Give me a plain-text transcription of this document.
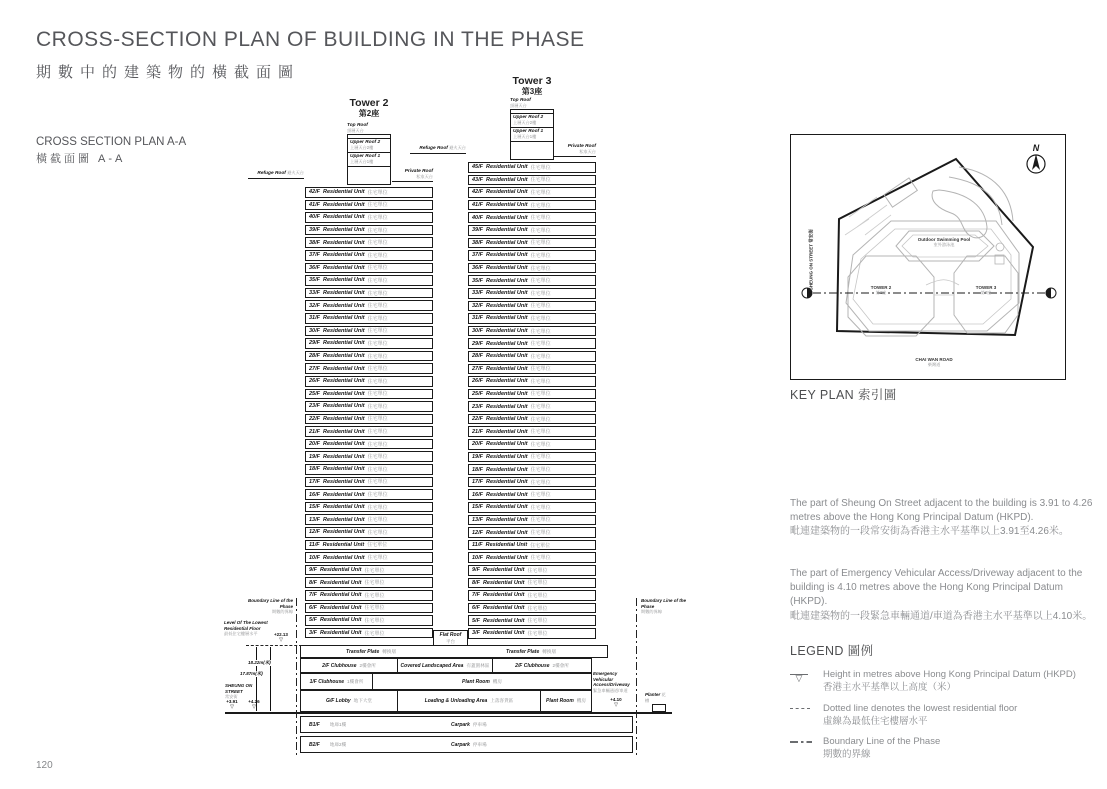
CROSS-SECTION PLAN OF BUILDING IN THE PHASE
期數中的建築物的橫截面圖
CROSS SECTION PLAN A-A
橫截面圖 A-A
Tower 2
第2座
Top Roof
頂層天台
Upper Roof 2
上層天台2樓
Upper Roof 1
上層天台1樓
Refuge Roof 避火天台	Private Roof
私家天台
42/F Residential Unit 住宅單位
41/F Residential Unit 住宅單位
40/F Residential Unit 住宅單位
39/F Residential Unit 住宅單位
38/F Residential Unit 住宅單位
37/F Residential Unit 住宅單位
36/F Residential Unit 住宅單位
35/F Residential Unit 住宅單位
33/F Residential Unit 住宅單位
32/F Residential Unit 住宅單位
31/F Residential Unit 住宅單位
30/F Residential Unit 住宅單位
29/F Residential Unit 住宅單位
28/F Residential Unit 住宅單位
27/F Residential Unit 住宅單位
26/F Residential Unit 住宅單位
25/F Residential Unit 住宅單位
23/F Residential Unit 住宅單位
22/F Residential Unit 住宅單位
21/F Residential Unit 住宅單位
20/F Residential Unit 住宅單位
19/F Residential Unit 住宅單位
18/F Residential Unit 住宅單位
17/F Residential Unit 住宅單位
16/F Residential Unit 住宅單位
15/F Residential Unit 住宅單位
13/F Residential Unit 住宅單位
12/F Residential Unit 住宅單位
11/F Residential Unit 住宅單位
10/F Residential Unit 住宅單位
9/F Residential Unit 住宅單位
8/F Residential Unit 住宅單位
7/F Residential Unit 住宅單位
6/F Residential Unit 住宅單位
5/F Residential Unit 住宅單位
3/F Residential Unit 住宅單位
Tower 3
第3座
Top Roof
頂層天台
Upper Roof 2
上層天台2樓
Upper Roof 1
上層天台1樓
Refuge Roof 避火天台	Private Roof
私家天台
45/F Residential Unit 住宅單位
43/F Residential Unit 住宅單位
42/F Residential Unit 住宅單位
41/F Residential Unit 住宅單位
40/F Residential Unit 住宅單位
39/F Residential Unit 住宅單位
38/F Residential Unit 住宅單位
37/F Residential Unit 住宅單位
36/F Residential Unit 住宅單位
35/F Residential Unit 住宅單位
33/F Residential Unit 住宅單位
32/F Residential Unit 住宅單位
31/F Residential Unit 住宅單位
30/F Residential Unit 住宅單位
29/F Residential Unit 住宅單位
28/F Residential Unit 住宅單位
27/F Residential Unit 住宅單位
26/F Residential Unit 住宅單位
25/F Residential Unit 住宅單位
23/F Residential Unit 住宅單位
22/F Residential Unit 住宅單位
21/F Residential Unit 住宅單位
20/F Residential Unit 住宅單位
19/F Residential Unit 住宅單位
18/F Residential Unit 住宅單位
17/F Residential Unit 住宅單位
16/F Residential Unit 住宅單位
15/F Residential Unit 住宅單位
13/F Residential Unit 住宅單位
12/F Residential Unit 住宅單位
11/F Residential Unit 住宅單位
10/F Residential Unit 住宅單位
9/F Residential Unit 住宅單位
8/F Residential Unit 住宅單位
7/F Residential Unit 住宅單位
6/F Residential Unit 住宅單位
5/F Residential Unit 住宅單位
3/F Residential Unit 住宅單位
Flat Roof
平台
Transfer Plate 轉換層	Transfer Plate 轉換層
2/F Clubhouse 2樓會所	Covered Landscaped Area 有蓋園林區	2/F Clubhouse 2樓會所
1/F Clubhouse 1樓會所	Plant Room 機房
G/F Lobby 地下大堂	Loading & Unloading Area 上落客貨區	Plant Room 機房
B1/F 地庫1樓	Carpark 停車場
B2/F 地庫2樓	Carpark 停車場
Boundary Line of the Phase
期數的界線
Boundary Line of the Phase
期數的界線
Level Of The Lowest Residential Floor
最低住宅樓層水平	+22.13
▽
18.22m(米)
17.87m(米)
SHEUNG ON STREET
常安街
+3.91
▽
+4.26
▽
Emergency Vehicular Access/Driveway
緊急車輛通道/車道
+4.10
▽
Planter 花槽
N
TOWER 2
第2座
TOWER 3
第3座
Outdoor Swimming Pool
室外游泳池
CHAI WAN ROAD
柴灣道
SHEUNG ON STREET 常安街
KEY PLAN 索引圖
The part of Sheung On Street adjacent to the building is 3.91 to 4.26 metres above the Hong Kong Principal Datum (HKPD).
毗連建築物的一段常安街為香港主水平基準以上3.91至4.26米。
The part of Emergency Vehicular Access/Driveway adjacent to the building is 4.10 metres above the Hong Kong Principal Datum (HKPD).
毗連建築物的一段緊急車輛通道/車道為香港主水平基準以上4.10米。
LEGEND 圖例
▽	Height in metres above Hong Kong Principal Datum (HKPD)
香港主水平基準以上高度（米）
Dotted line denotes the lowest residential floor
虛線為最低住宅樓層水平
Boundary Line of the Phase
期數的界線
120
